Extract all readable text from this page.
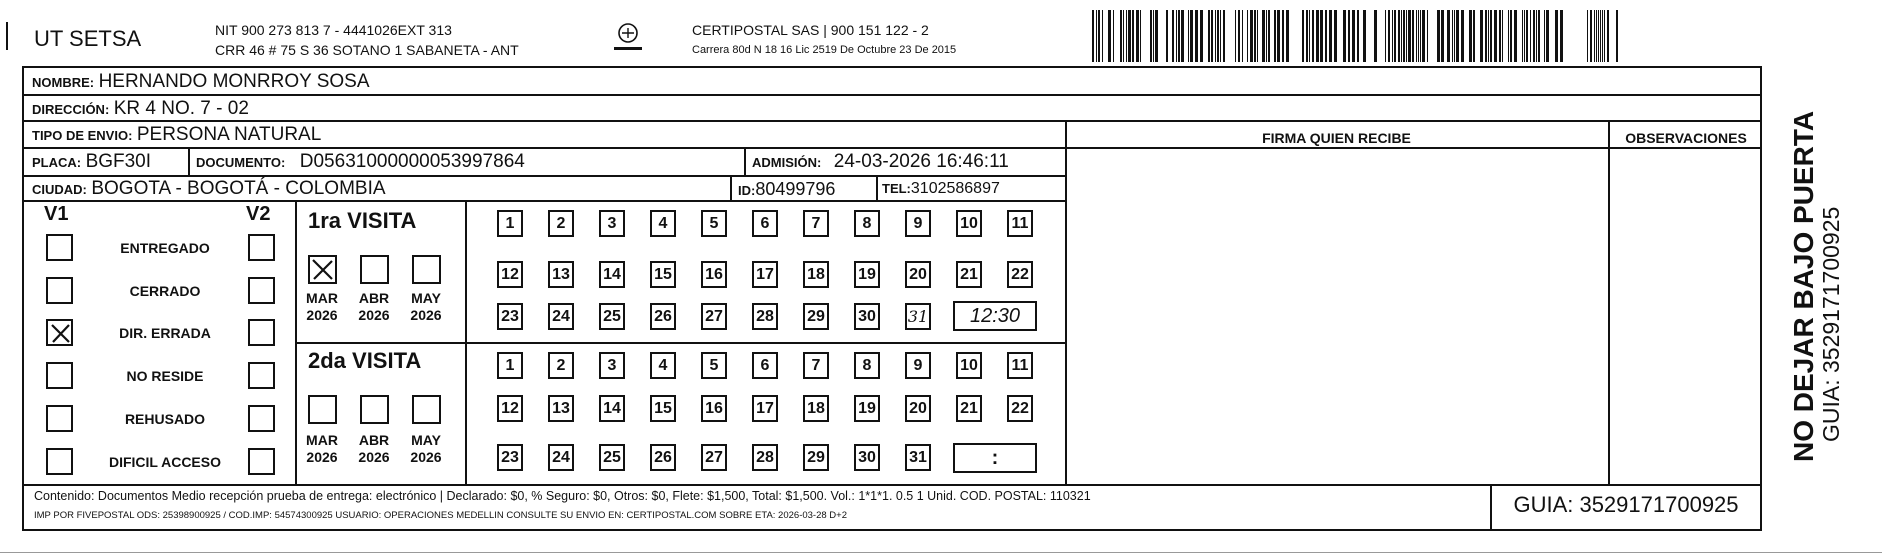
UT SETSA	NIT 900 273 813 7 - 4441026EXT 313
CRR 46 # 75 S 36 SOTANO 1 SABANETA - ANT
CERTIPOSTAL SAS | 900 151 122 - 2
Carrera 80d N 18 16 Lic 2519 De Octubre 23 De 2015
NOMBRE: HERNANDO MONRROY SOSA
DIRECCIÓN: KR 4 NO. 7 - 02
TIPO DE ENVIO: PERSONA NATURAL
PLACA: BGF30I	DOCUMENTO: D05631000000053997864	ADMISIÓN: 24-03-2026 16:46:11
CIUDAD: BOGOTA - BOGOTÁ - COLOMBIA	ID:80499796	TEL:3102586897
FIRMA QUIEN RECIBE	OBSERVACIONES
V1	V2
ENTREGADO
CERRADO
DIR. ERRADA
NO RESIDE
REHUSADO
DIFICIL ACCESO
1ra VISITA
MAR
2026
ABR
2026
MAY
2026
1	2	3	4	5	6	7	8	9	10 11
12 13 14 15 16 17 18 19 20 21 22
23 24 25 26 27 28 29 30 31	12:30
2da VISITA
MAR
2026
ABR
2026
MAY
2026
1	2	3	4	5	6	7	8	9	10 11
12 13 14 15 16 17 18 19 20 21 22
23 24 25 26 27 28 29 30 31	:
Contenido: Documentos Medio recepción prueba de entrega: electrónico | Declarado: $0, % Seguro: $0, Otros: $0, Flete: $1,500, Total: $1,500. Vol.: 1*1*1. 0.5 1 Unid. COD. POSTAL: 110321
IMP POR FIVEPOSTAL ODS: 25398900925 / COD.IMP: 54574300925 USUARIO: OPERACIONES MEDELLIN CONSULTE SU ENVIO EN: CERTIPOSTAL.COM SOBRE ETA: 2026-03-28 D+2	GUIA: 3529171700925
NO DEJAR BAJO PUERTA GUIA: 3529171700925
